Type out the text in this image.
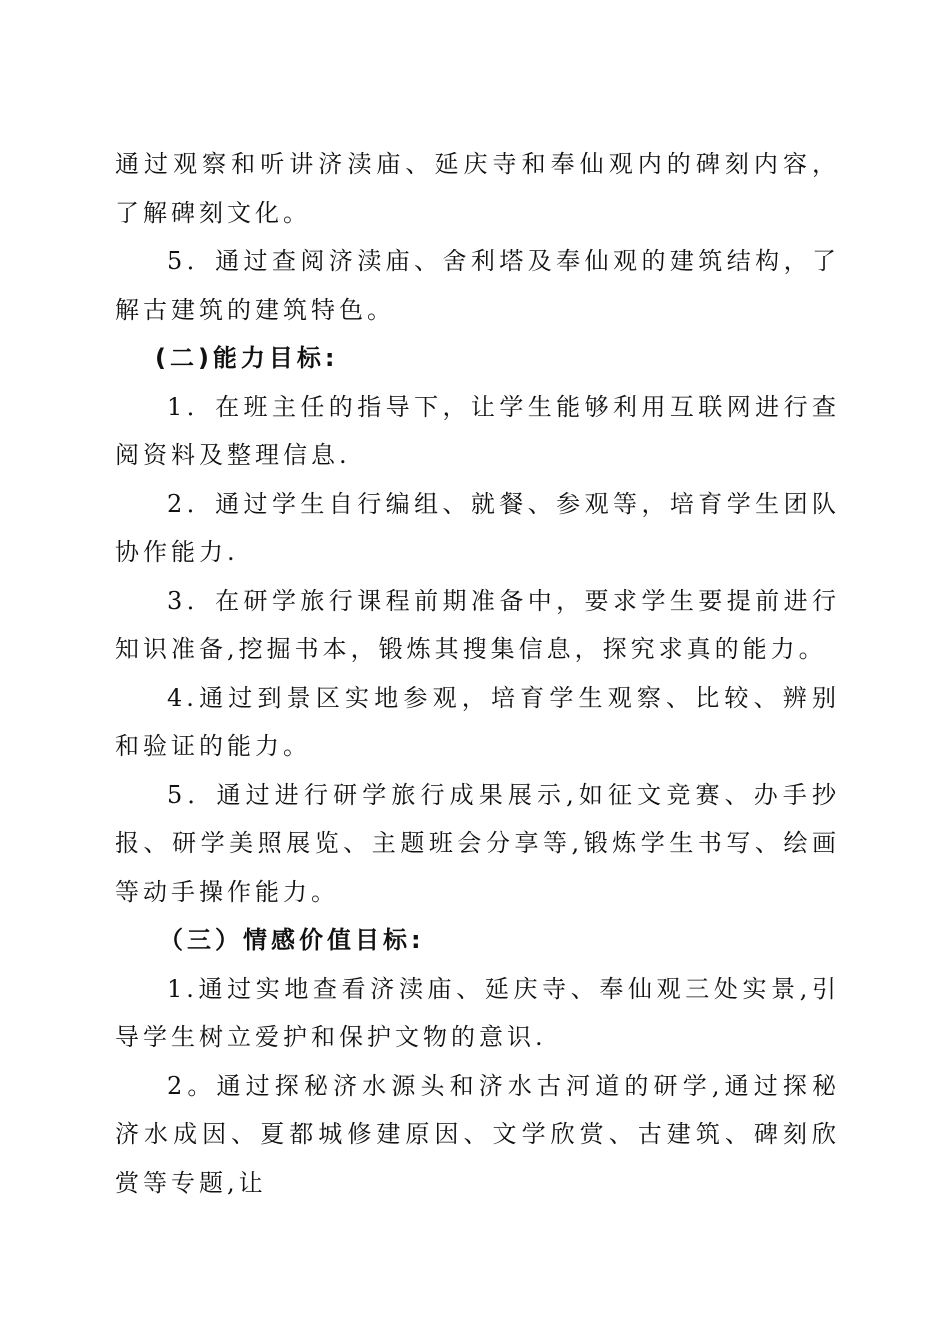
通过观察和听讲济渎庙、延庆寺和奉仙观内的碑刻内容，了解碑刻文化。

5．通过查阅济渎庙、舍利塔及奉仙观的建筑结构，了解古建筑的建筑特色。

(二)能力目标:

1．在班主任的指导下，让学生能够利用互联网进行查阅资料及整理信息.

2．通过学生自行编组、就餐、参观等，培育学生团队协作能力.

3．在研学旅行课程前期准备中，要求学生要提前进行知识准备,挖掘书本，锻炼其搜集信息，探究求真的能力。

4.通过到景区实地参观，培育学生观察、比较、辨别和验证的能力。

5．通过进行研学旅行成果展示,如征文竞赛、办手抄报、研学美照展览、主题班会分享等,锻炼学生书写、绘画等动手操作能力。

（三）情感价值目标:

1.通过实地查看济渎庙、延庆寺、奉仙观三处实景,引导学生树立爱护和保护文物的意识.

2。通过探秘济水源头和济水古河道的研学,通过探秘济水成因、夏都城修建原因、文学欣赏、古建筑、碑刻欣赏等专题,让
